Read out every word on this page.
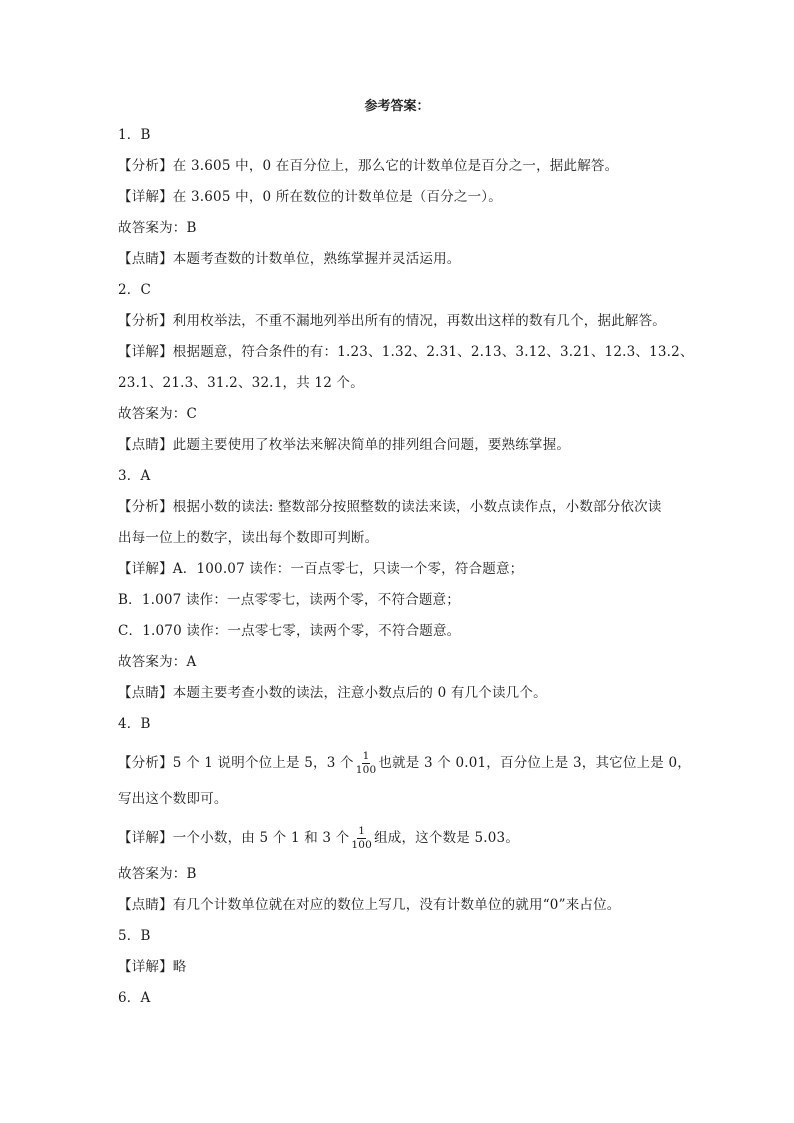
参考答案：
1．B
【分析】在 3.605 中，0 在百分位上，那么它的计数单位是百分之一，据此解答。
【详解】在 3.605 中，0 所在数位的计数单位是（百分之一）。
故答案为：B
【点睛】本题考查数的计数单位，熟练掌握并灵活运用。
2．C
【分析】利用枚举法，不重不漏地列举出所有的情况，再数出这样的数有几个，据此解答。
【详解】根据题意，符合条件的有：1.23、1.32、2.31、2.13、3.12、3.21、12.3、13.2、
23.1、21.3、31.2、32.1，共 12 个。
故答案为：C
【点睛】此题主要使用了枚举法来解决简单的排列组合问题，要熟练掌握。
3．A
【分析】根据小数的读法: 整数部分按照整数的读法来读，小数点读作点，小数部分依次读
出每一位上的数字，读出每个数即可判断。
【详解】A．100.07 读作：一百点零七，只读一个零，符合题意；
B．1.007 读作：一点零零七，读两个零，不符合题意；
C．1.070 读作：一点零七零，读两个零，不符合题意。
故答案为：A
【点睛】本题主要考查小数的读法，注意小数点后的 0 有几个读几个。
4．B
【分析】5 个 1 说明个位上是 5，3 个 $\frac{1}{100}$ 也就是 3 个 0.01，百分位上是 3，其它位上是 0，
写出这个数即可。
【详解】一个小数，由 5 个 1 和 3 个 $\frac{1}{100}$ 组成，这个数是 5.03。
故答案为：B
【点睛】有几个计数单位就在对应的数位上写几，没有计数单位的就用“0”来占位。
5．B
【详解】略
6．A
